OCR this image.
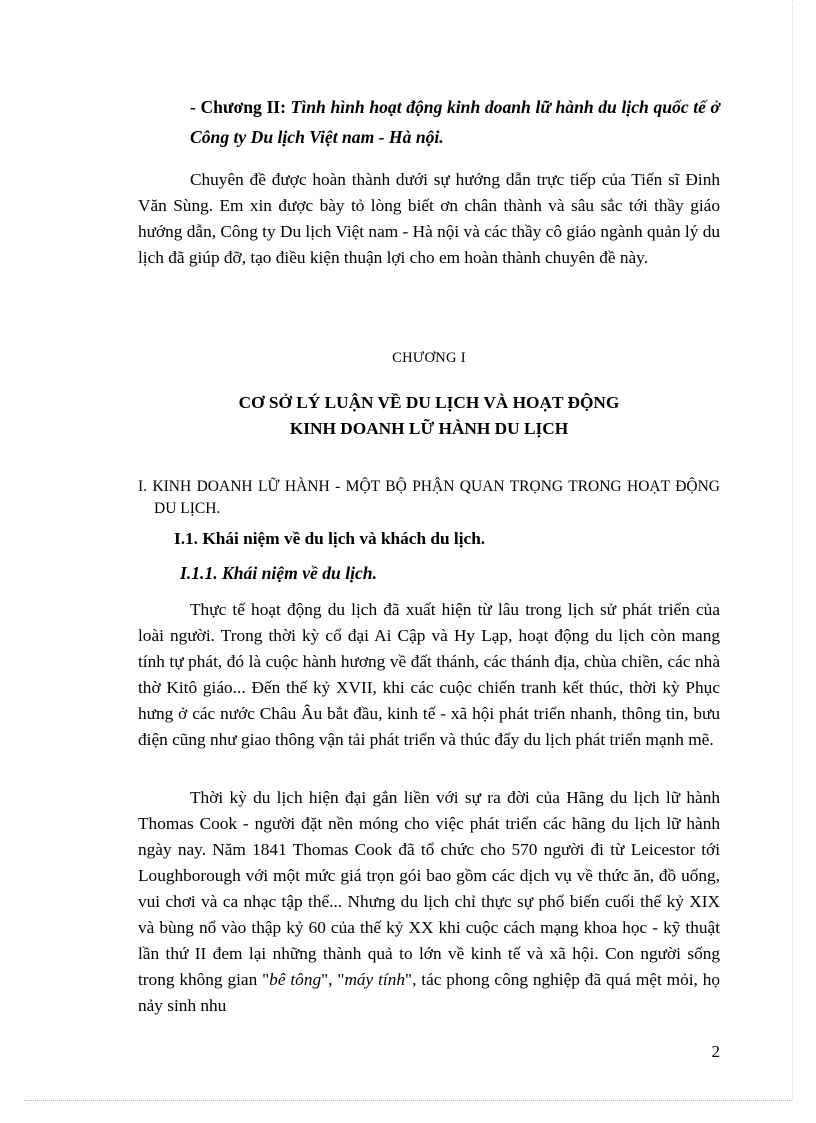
- Chương II: Tình hình hoạt động kinh doanh lữ hành du lịch quốc tế ở Công ty Du lịch Việt nam - Hà nội.
Chuyên đề được hoàn thành dưới sự hướng dẫn trực tiếp của Tiến sĩ Đinh Văn Sùng. Em xin được bày tỏ lòng biết ơn chân thành và sâu sắc tới thầy giáo hướng dẫn, Công ty Du lịch Việt nam - Hà nội và các thầy cô giáo ngành quản lý du lịch đã giúp đỡ, tạo điều kiện thuận lợi cho em hoàn thành chuyên đề này.
CHƯƠNG I
CƠ SỞ LÝ LUẬN VỀ DU LỊCH VÀ HOẠT ĐỘNG
KINH DOANH LỮ HÀNH DU LỊCH
I. KINH DOANH LỮ HÀNH - MỘT BỘ PHẬN QUAN TRỌNG TRONG HOẠT ĐỘNG DU LỊCH.
I.1. Khái niệm về du lịch và khách du lịch.
I.1.1. Khái niệm về du lịch.
Thực tế hoạt động du lịch đã xuất hiện từ lâu trong lịch sử phát triển của loài người. Trong thời kỳ cổ đại Ai Cập và Hy Lạp, hoạt động du lịch còn mang tính tự phát, đó là cuộc hành hương về đất thánh, các thánh địa, chùa chiền, các nhà thờ Kitô giáo... Đến thế kỷ XVII, khi các cuộc chiến tranh kết thúc, thời kỳ Phục hưng ở các nước Châu Âu bắt đầu, kinh tế - xã hội phát triển nhanh, thông tin, bưu điện cũng như giao thông vận tải phát triển và thúc đẩy du lịch phát triển mạnh mẽ.
Thời kỳ du lịch hiện đại gắn liền với sự ra đời của Hãng du lịch lữ hành Thomas Cook - người đặt nền móng cho việc phát triển các hãng du lịch lữ hành ngày nay. Năm 1841 Thomas Cook đã tổ chức cho 570 người đi từ Leicestor tới Loughborough với một mức giá trọn gói bao gồm các dịch vụ về thức ăn, đồ uống, vui chơi và ca nhạc tập thể... Nhưng du lịch chỉ thực sự phổ biến cuối thế kỷ XIX và bùng nổ vào thập kỷ 60 của thế kỷ XX khi cuộc cách mạng khoa học - kỹ thuật lần thứ II đem lại những thành quả to lớn về kinh tế và xã hội. Con người sống trong không gian "bê tông", "máy tính", tác phong công nghiệp đã quá mệt mỏi, họ nảy sinh nhu
2
